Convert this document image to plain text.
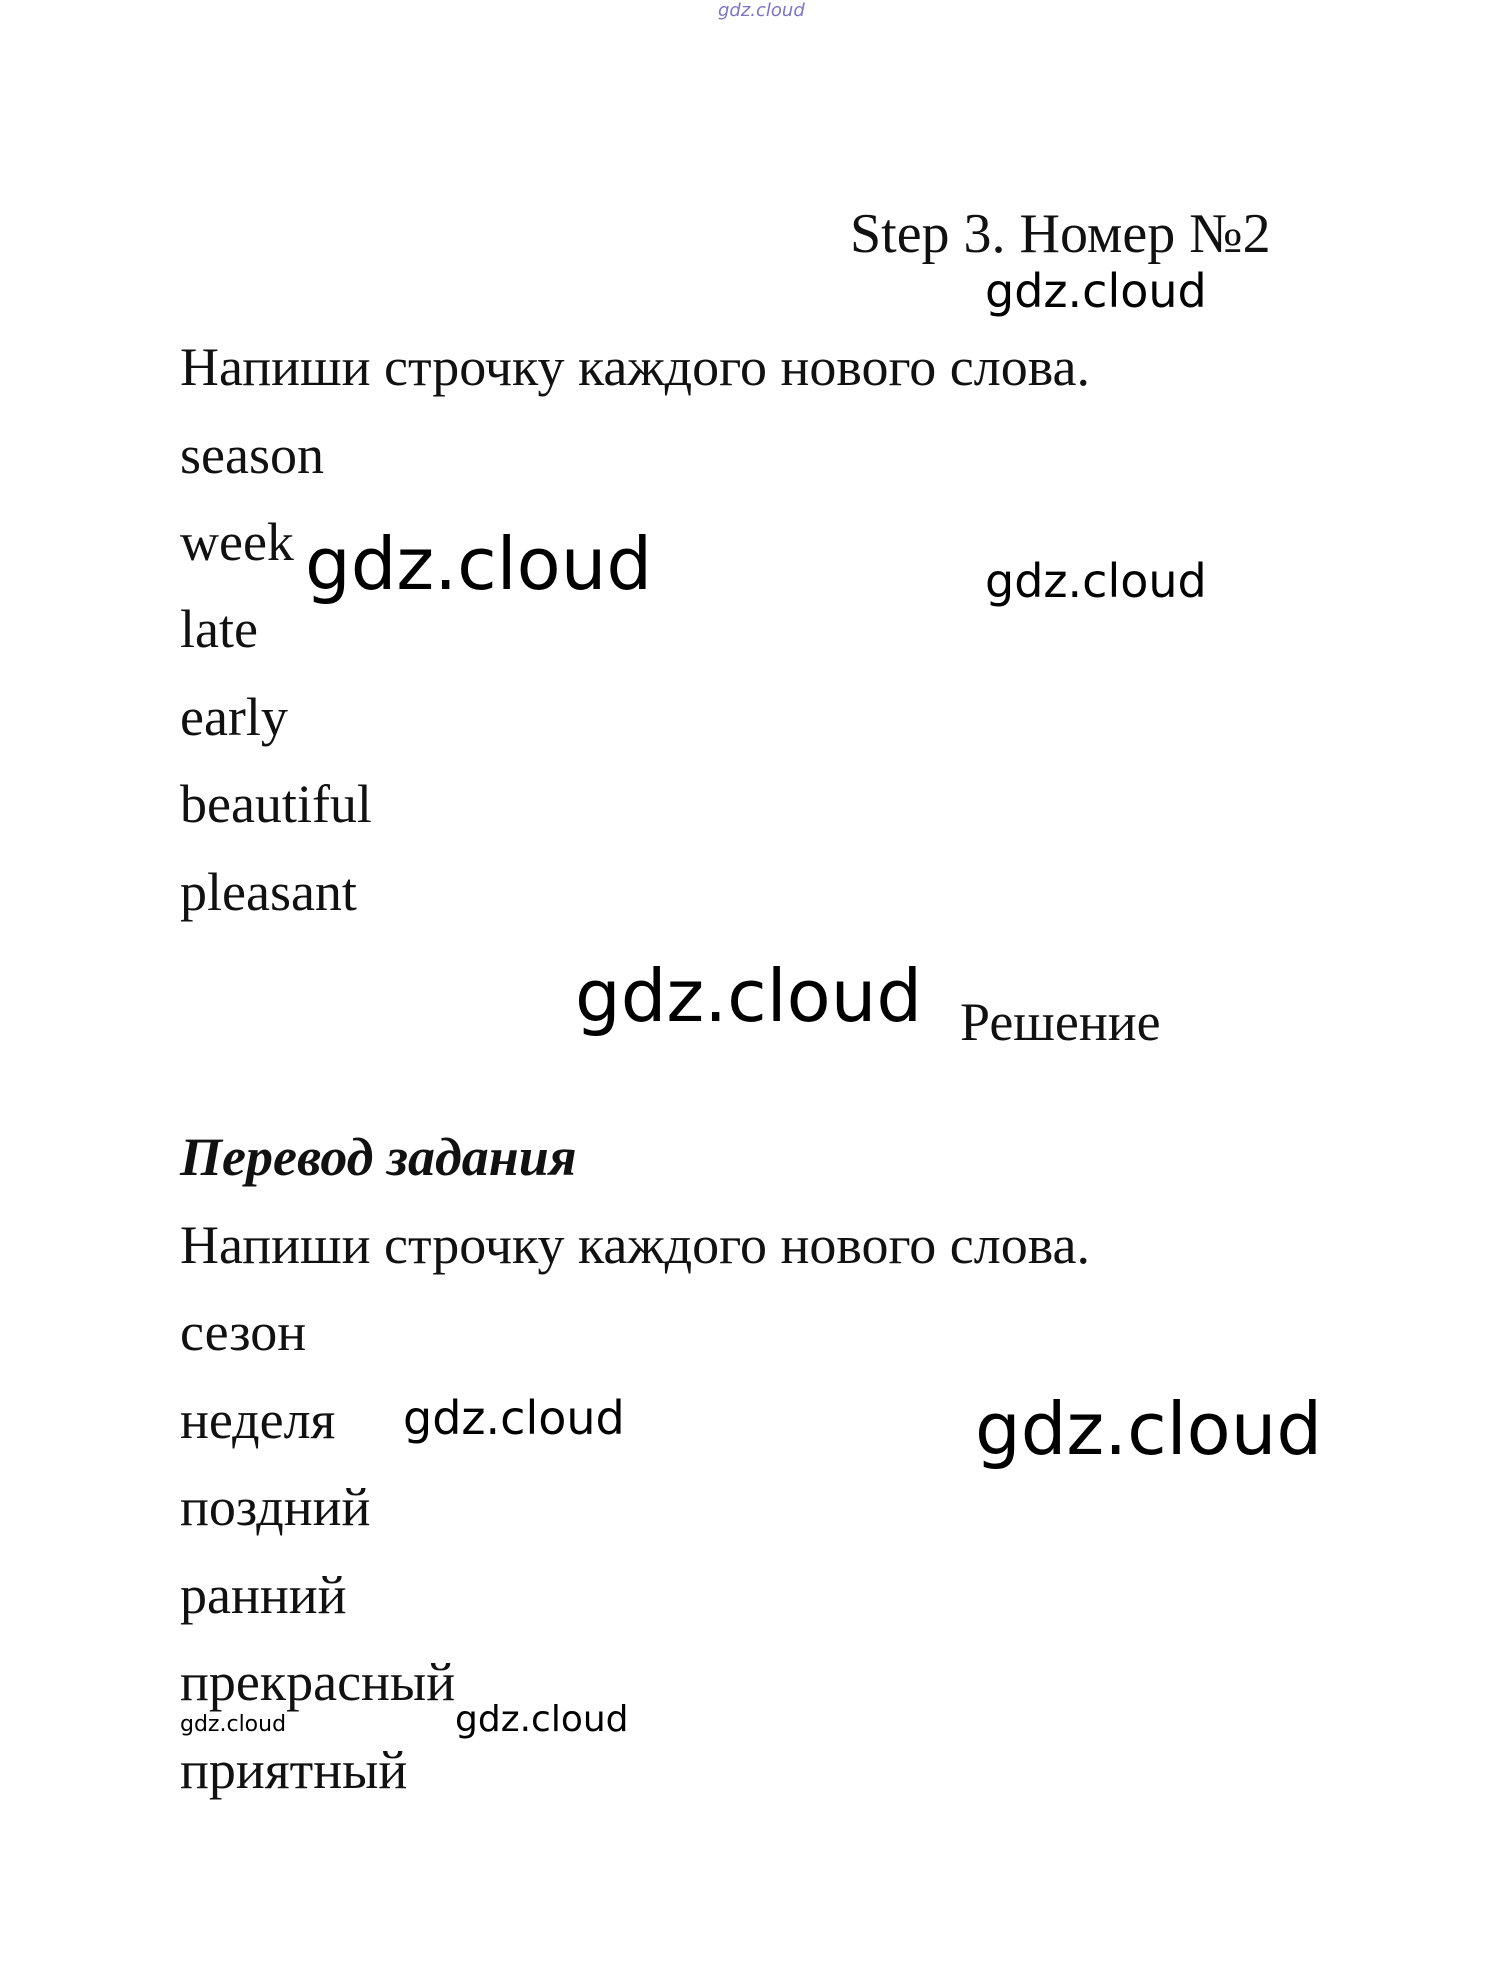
gdz.cloud
Step 3. Номер №2
gdz.cloud
Напиши строчку каждого нового слова.
season
week
late
early
beautiful
pleasant
gdz.cloud	gdz.cloud
gdz.cloud Решение
Перевод задания
Напиши строчку каждого нового слова.
сезон
неделя
поздний
ранний
прекрасный
приятный
gdz.cloud	gdz.cloud
gdz.cloud	gdz.cloud
